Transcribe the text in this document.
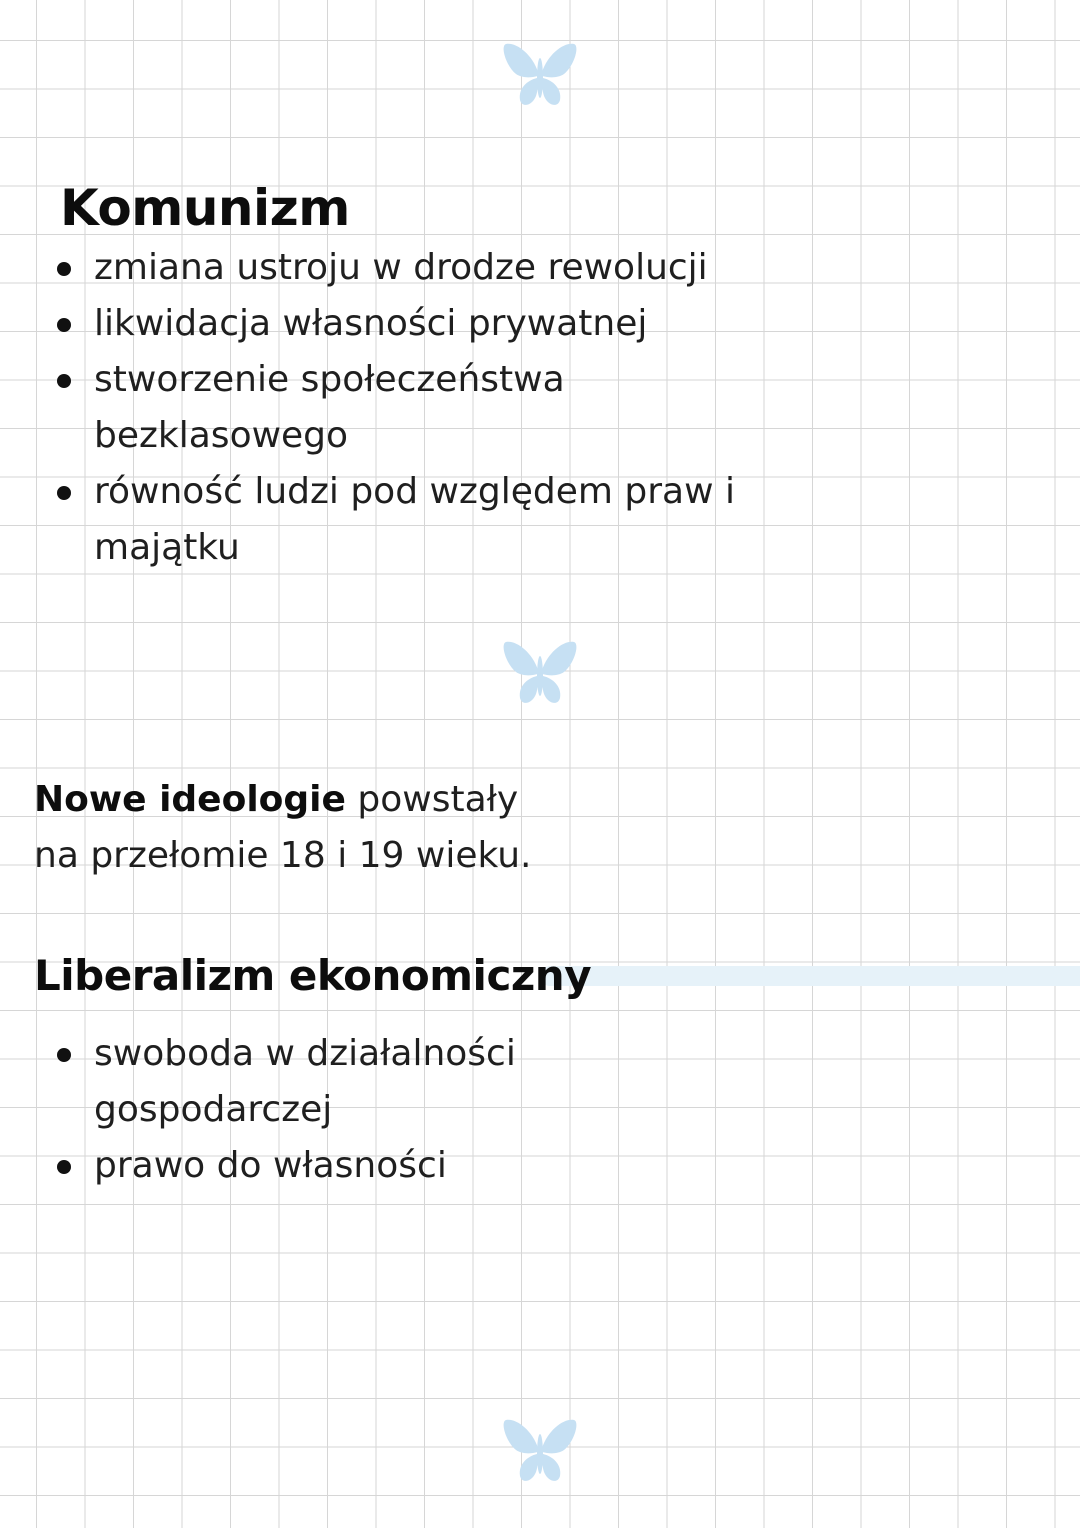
Komunizm
zmiana ustroju w drodze rewolucji
likwidacja własności prywatnej
stworzenie społeczeństwa bezklasowego
równość ludzi pod względem praw i majątku

Nowe ideologie powstały
na przełomie 18 i 19 wieku.

Liberalizm ekonomiczny
swoboda w działalności gospodarczej
prawo do własności
